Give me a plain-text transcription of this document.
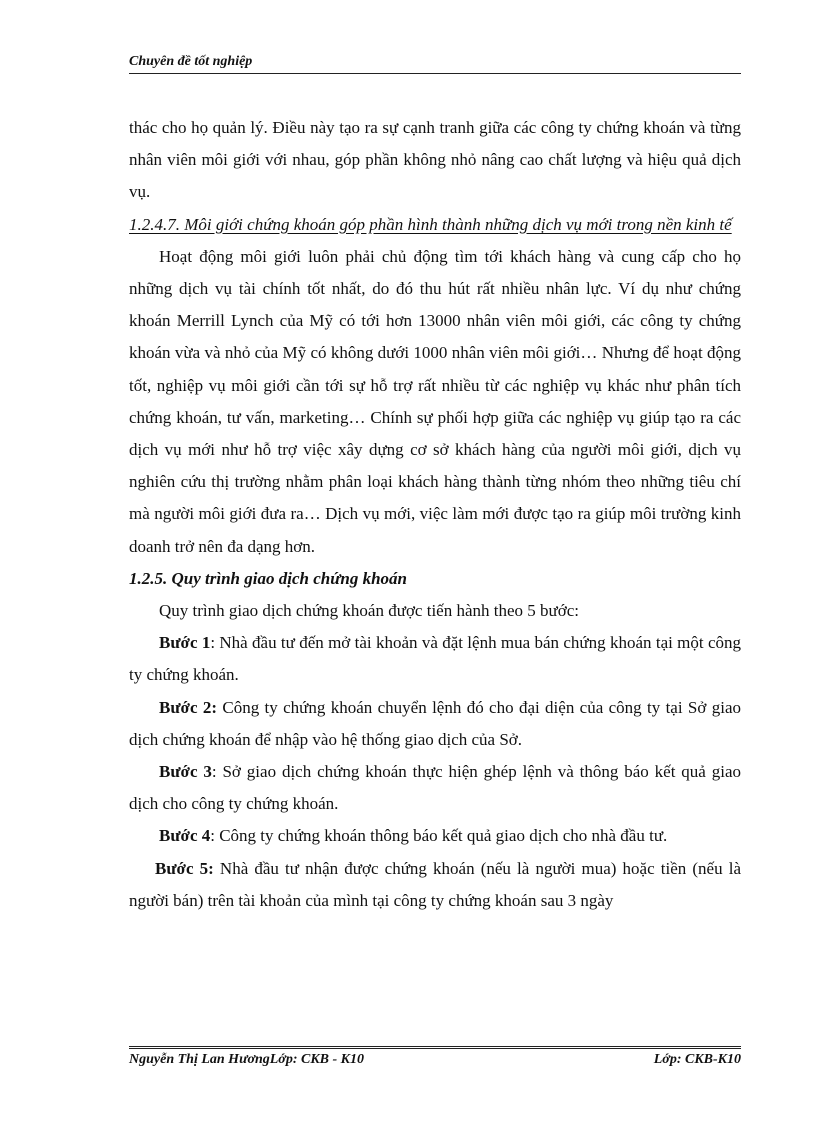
Chuyên đề tốt nghiệp

thác cho họ quản lý. Điều này tạo ra sự cạnh tranh giữa các công ty chứng khoán và từng nhân viên môi giới với nhau, góp phần không nhỏ nâng cao chất lượng và hiệu quả dịch vụ.

1.2.4.7. Môi giới chứng khoán góp phần hình thành những dịch vụ mới trong nền kinh tế

Hoạt động môi giới luôn phải chủ động tìm tới khách hàng và cung cấp cho họ những dịch vụ tài chính tốt nhất, do đó thu hút rất nhiều nhân lực. Ví dụ như chứng khoán Merrill Lynch của Mỹ có tới hơn 13000 nhân viên môi giới, các công ty chứng khoán vừa và nhỏ của Mỹ có không dưới 1000 nhân viên môi giới… Nhưng để hoạt động tốt, nghiệp vụ môi giới cần tới sự hỗ trợ rất nhiều từ các nghiệp vụ khác như phân tích chứng khoán, tư vấn, marketing… Chính sự phối hợp giữa các nghiệp vụ giúp tạo ra các dịch vụ mới như hỗ trợ việc xây dựng cơ sở khách hàng của người môi giới, dịch vụ nghiên cứu thị trường nhằm phân loại khách hàng thành từng nhóm theo những tiêu chí mà người môi giới đưa ra… Dịch vụ mới, việc làm mới được tạo ra giúp môi trường kinh doanh trở nên đa dạng hơn.

1.2.5. Quy trình giao dịch chứng khoán

Quy trình giao dịch chứng khoán được tiến hành theo 5 bước:

Bước 1: Nhà đầu tư đến mở tài khoản và đặt lệnh mua bán chứng khoán tại một công ty chứng khoán.

Bước 2: Công ty chứng khoán chuyển lệnh đó cho đại diện của công ty tại Sở giao dịch chứng khoán để nhập vào hệ thống giao dịch của Sở.

Bước 3: Sở giao dịch chứng khoán thực hiện ghép lệnh và thông báo kết quả giao dịch cho công ty chứng khoán.

Bước 4: Công ty chứng khoán thông báo kết quả giao dịch cho nhà đầu tư.

Bước 5: Nhà đầu tư nhận được chứng khoán (nếu là người mua) hoặc tiền (nếu là người bán) trên tài khoản của mình tại công ty chứng khoán sau 3 ngày

Nguyễn Thị Lan HươngLớp: CKB - K10	Lớp: CKB-K10
